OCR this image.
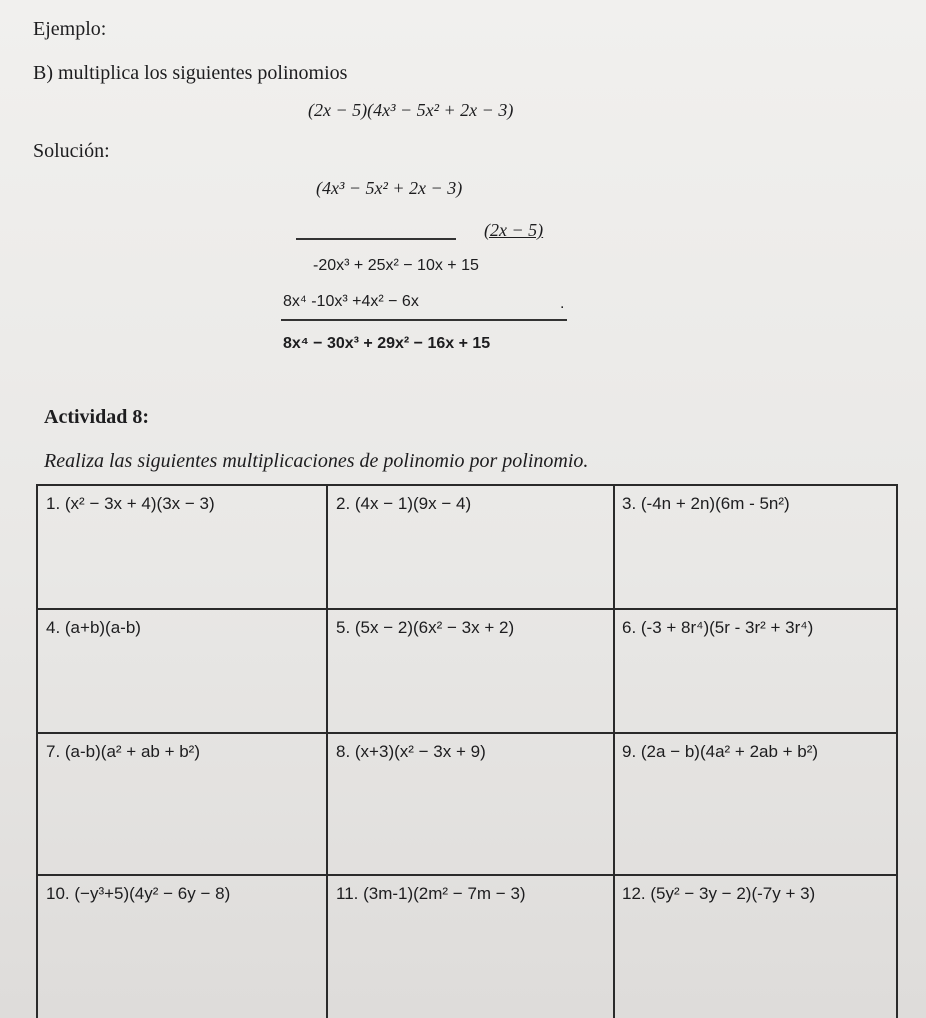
Ejemplo:
B) multiplica los siguientes polinomios
(2x − 5)(4x³ − 5x² + 2x − 3)
Solución:
(4x³ − 5x² + 2x − 3)
(2x − 5)
-20x³ + 25x² − 10x + 15
8x⁴ -10x³ +4x² − 6x	.
8x⁴ − 30x³ + 29x² − 16x + 15
Actividad 8:
Realiza las siguientes multiplicaciones de polinomio por polinomio.
1. (x² − 3x + 4)(3x − 3)	2. (4x − 1)(9x − 4)	3. (-4n + 2n)(6m - 5n²)
4. (a+b)(a-b)	5. (5x − 2)(6x² − 3x + 2)	6. (-3 + 8r⁴)(5r - 3r² + 3r⁴)
7. (a-b)(a² + ab + b²)	8. (x+3)(x² − 3x + 9)	9. (2a − b)(4a² + 2ab + b²)
10. (−y³+5)(4y² − 6y − 8)	11. (3m-1)(2m² − 7m − 3)	12. (5y² − 3y − 2)(-7y + 3)
